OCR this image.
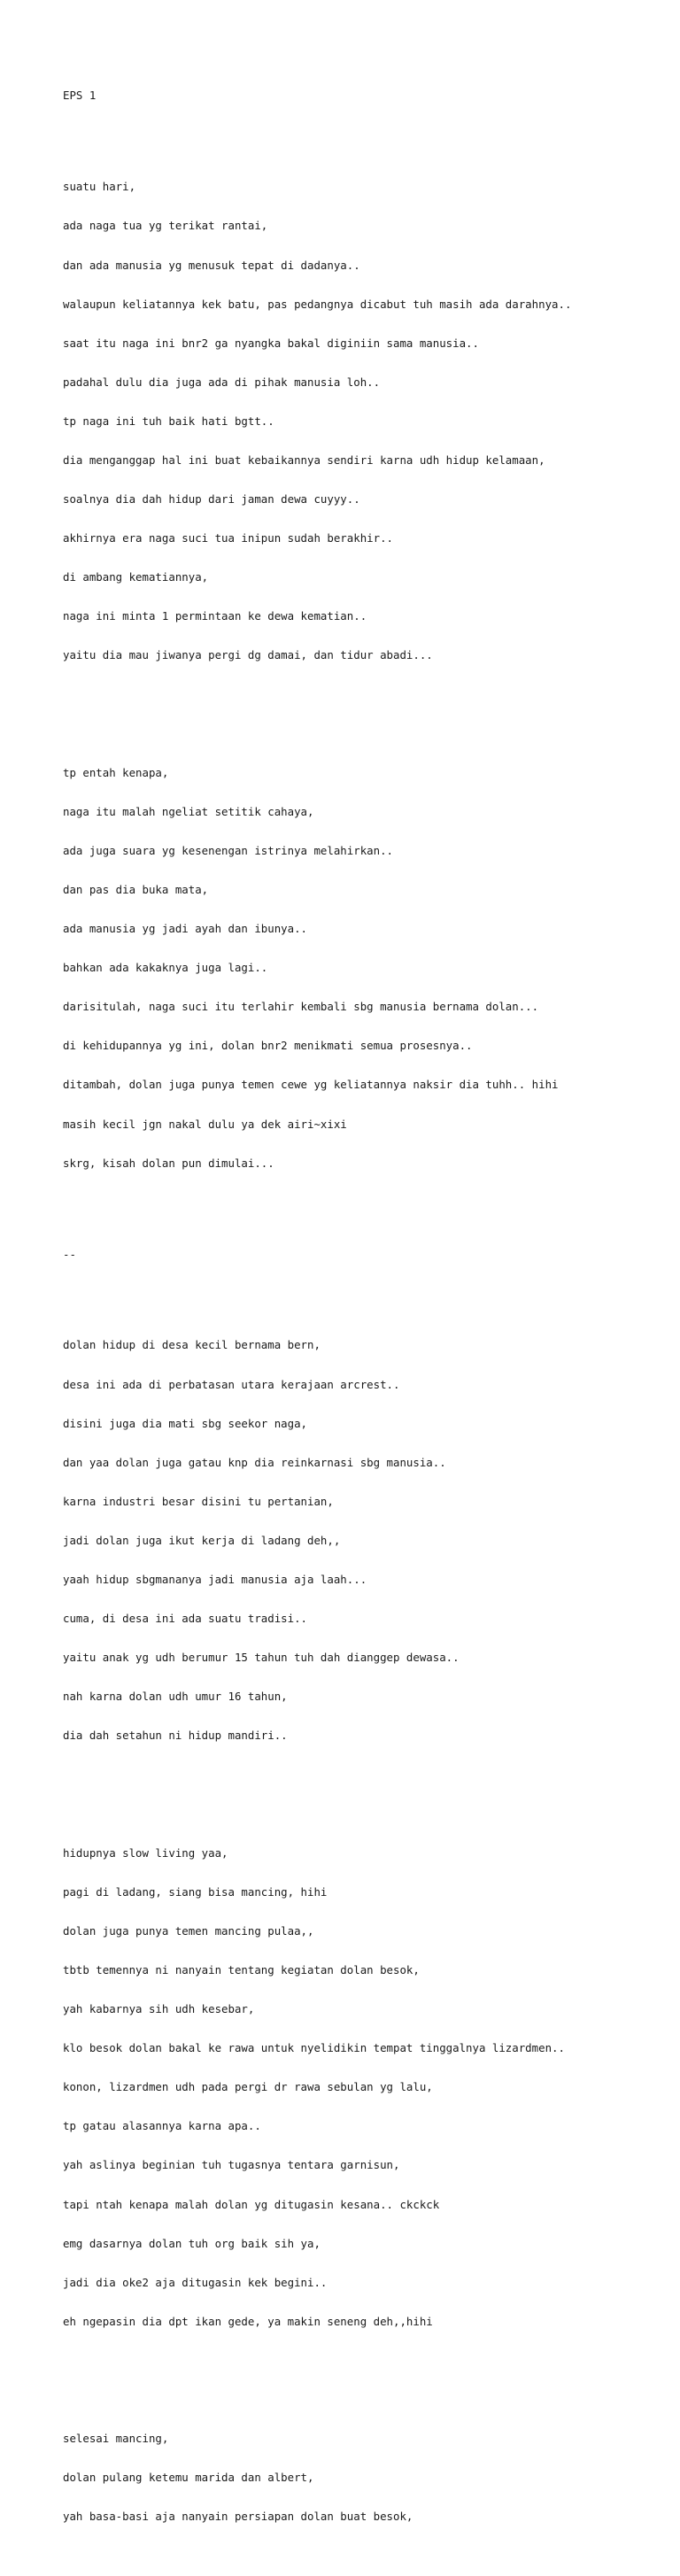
EPS 1

suatu hari,

ada naga tua yg terikat rantai,

dan ada manusia yg menusuk tepat di dadanya..

walaupun keliatannya kek batu, pas pedangnya dicabut tuh masih ada darahnya..

saat itu naga ini bnr2 ga nyangka bakal diginiin sama manusia..

padahal dulu dia juga ada di pihak manusia loh..

tp naga ini tuh baik hati bgtt..

dia menganggap hal ini buat kebaikannya sendiri karna udh hidup kelamaan,

soalnya dia dah hidup dari jaman dewa cuyyy..

akhirnya era naga suci tua inipun sudah berakhir..

di ambang kematiannya,

naga ini minta 1 permintaan ke dewa kematian..

yaitu dia mau jiwanya pergi dg damai, dan tidur abadi...

tp entah kenapa,

naga itu malah ngeliat setitik cahaya,

ada juga suara yg kesenengan istrinya melahirkan..

dan pas dia buka mata,

ada manusia yg jadi ayah dan ibunya..

bahkan ada kakaknya juga lagi..

darisitulah, naga suci itu terlahir kembali sbg manusia bernama dolan...

di kehidupannya yg ini, dolan bnr2 menikmati semua prosesnya..

ditambah, dolan juga punya temen cewe yg keliatannya naksir dia tuhh.. hihi

masih kecil jgn nakal dulu ya dek airi~xixi

skrg, kisah dolan pun dimulai...

--

dolan hidup di desa kecil bernama bern,

desa ini ada di perbatasan utara kerajaan arcrest..

disini juga dia mati sbg seekor naga,

dan yaa dolan juga gatau knp dia reinkarnasi sbg manusia..

karna industri besar disini tu pertanian,

jadi dolan juga ikut kerja di ladang deh,,

yaah hidup sbgmananya jadi manusia aja laah...

cuma, di desa ini ada suatu tradisi..

yaitu anak yg udh berumur 15 tahun tuh dah dianggep dewasa..

nah karna dolan udh umur 16 tahun,

dia dah setahun ni hidup mandiri..

hidupnya slow living yaa,

pagi di ladang, siang bisa mancing, hihi

dolan juga punya temen mancing pulaa,,

tbtb temennya ni nanyain tentang kegiatan dolan besok,

yah kabarnya sih udh kesebar,

klo besok dolan bakal ke rawa untuk nyelidikin tempat tinggalnya lizardmen..

konon, lizardmen udh pada pergi dr rawa sebulan yg lalu,

tp gatau alasannya karna apa..

yah aslinya beginian tuh tugasnya tentara garnisun,

tapi ntah kenapa malah dolan yg ditugasin kesana.. ckckck

emg dasarnya dolan tuh org baik sih ya,

jadi dia oke2 aja ditugasin kek begini..

eh ngepasin dia dpt ikan gede, ya makin seneng deh,,hihi

selesai mancing,

dolan pulang ketemu marida dan albert,

yah basa-basi aja nanyain persiapan dolan buat besok,
